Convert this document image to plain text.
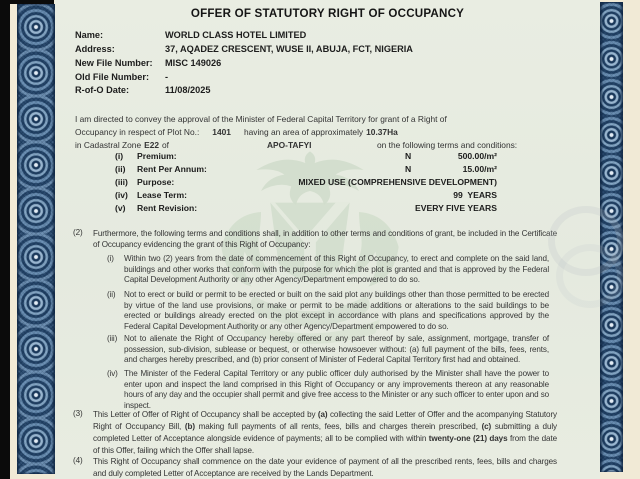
OFFER OF STATUTORY RIGHT OF OCCUPANCY
Name:	WORLD CLASS HOTEL LIMITED
Address:	37, AQADEZ CRESCENT, WUSE II, ABUJA, FCT, NIGERIA
New File Number: MISC 149026
Old File Number: -
R-of-O Date:	11/08/2025
I am directed to convey the approval of the Minister of Federal Capital Territory for grant of a Right of
Occupancy in respect of Plot No.: 1401 having an area of approximately 10.37Ha
in Cadastral Zone E22 of	APO-TAFYI	on the following terms and conditions:
(i) Premium:	N	500.00/m²
(ii) Rent Per Annum:	N	15.00/m²
(iii) Purpose:	MIXED USE (COMPREHENSIVE DEVELOPMENT)
(iv) Lease Term:	99  YEARS
(v) Rent Revision:	EVERY FIVE YEARS
(2) Furthermore, the following terms and conditions shall, in addition to other terms and conditions of grant, be included in the Certificate of Occupancy evidencing the grant of this Right of Occupancy:
(i) Within two (2) years from the date of commencement of this Right of Occupancy, to erect and complete on the said land, buildings and other works that conform with the purpose for which the plot is granted and that is approved by the Federal Capital Development Authority or any other Agency/Department empowered to do so.
(ii) Not to erect or build or permit to be erected or built on the said plot any buildings other than those permitted to be erected by virtue of the land use provisions, or make or permit to be made additions or alterations to the said buildings to be erected or buildings already erected on the plot except in accordance with plans and specifications approved by the Federal Capital Development Authority or any other Agency/Department empowered to do so.
(iii) Not to alienate the Right of Occupancy hereby offered or any part thereof by sale, assignment, mortgage, transfer of possession, sub-division, sublease or bequest, or otherwise howsoever without: (a) full payment of the bills, fees, rents, and charges hereby prescribed, and (b) prior consent of Minister of Federal Capital Territory first had and obtained.
(iv) The Minister of the Federal Capital Territory or any public officer duly authorised by the Minister shall have the power to enter upon and inspect the land comprised in this Right of Occupancy or any improvements thereon at any reasonable hours of any day and the occupier shall permit and give free access to the Minister or any such officer to enter upon and so inspect.
(3) This Letter of Offer of Right of Occupancy shall be accepted by (a) collecting the said Letter of Offer and the acompanying Statutory Right of Occupancy Bill, (b) making full payments of all rents, fees, bills and charges therein prescribed, (c) submitting a duly completed Letter of Acceptance alongside evidence of payments; all to be complied with within twenty-one (21) days from the date of this Offer, failing which the Offer shall lapse.
(4) This Right of Occupancy shall commence on the date your evidence of payment of all the prescribed rents, fees, bills and charges and duly completed Letter of Acceptance are received by the Lands Department.
